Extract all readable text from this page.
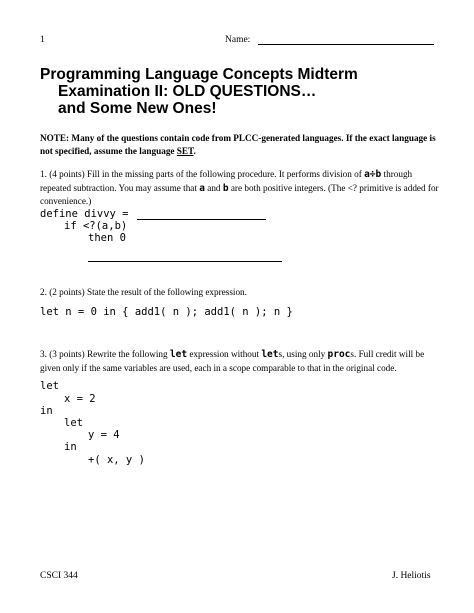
1	Name:
Programming Language Concepts Midterm
Examination II: OLD QUESTIONS…
and Some New Ones!
NOTE: Many of the questions contain code from PLCC-generated languages. If the exact language is not specified, assume the language SET.
1. (4 points) Fill in the missing parts of the following procedure. It performs division of a÷b through repeated subtraction. You may assume that a and b are both positive integers. (The <? primitive is added for convenience.)
define divvy =
if <?(a,b)
then 0
2. (2 points) State the result of the following expression.
let n = 0 in { add1( n ); add1( n ); n }
3. (3 points) Rewrite the following let expression without lets, using only procs. Full credit will be given only if the same variables are used, each in a scope comparable to that in the original code.
let
x = 2
in
let
y = 4
in
+( x, y )
CSCI 344	J. Heliotis
